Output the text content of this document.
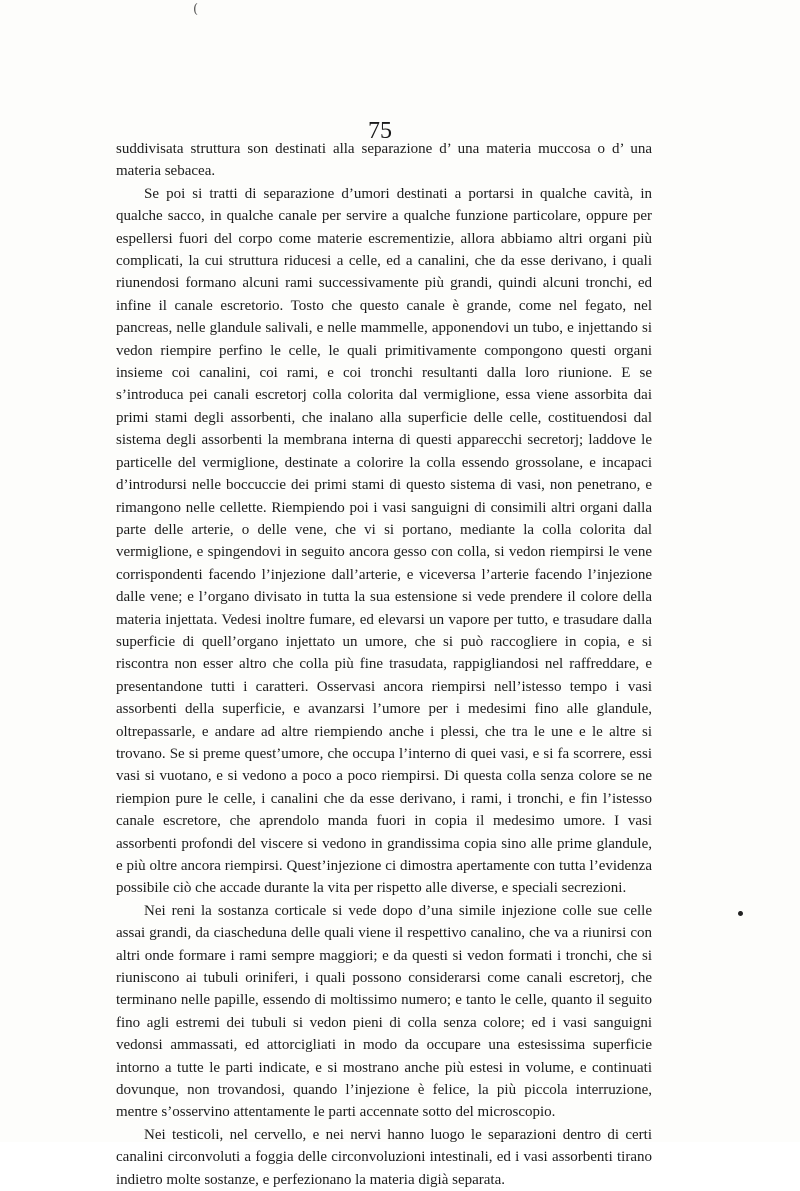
(
75

suddivisata struttura son destinati alla separazione d’ una materia muccosa o d’ una materia sebacea.

Se poi si tratti di separazione d’umori destinati a portarsi in qualche cavità, in qualche sacco, in qualche canale per servire a qualche funzione particolare, oppure per espellersi fuori del corpo come materie escrementizie, allora abbiamo altri organi più complicati, la cui struttura riducesi a celle, ed a canalini, che da esse derivano, i quali riunendosi formano alcuni rami successivamente più grandi, quindi alcuni tronchi, ed infine il canale escretorio. Tosto che questo canale è grande, come nel fegato, nel pancreas, nelle glandule salivali, e nelle mammelle, apponendovi un tubo, e injettando si vedon riempire perfino le celle, le quali primitivamente compongono questi organi insieme coi canalini, coi rami, e coi tronchi resultanti dalla loro riunione. E se s’introduca pei canali escretorj colla colorita dal vermiglione, essa viene assorbita dai primi stami degli assorbenti, che inalano alla superficie delle celle, costituendosi dal sistema degli assorbenti la membrana interna di questi apparecchi secretorj; laddove le particelle del vermiglione, destinate a colorire la colla essendo grossolane, e incapaci d’introdursi nelle boccuccie dei primi stami di questo sistema di vasi, non penetrano, e rimangono nelle cellette. Riempiendo poi i vasi sanguigni di consimili altri organi dalla parte delle arterie, o delle vene, che vi si portano, mediante la colla colorita dal vermiglione, e spingendovi in seguito ancora gesso con colla, si vedon riempirsi le vene corrispondenti facendo l’injezione dall’arterie, e viceversa l’arterie facendo l’injezione dalle vene; e l’organo divisato in tutta la sua estensione si vede prendere il colore della materia injettata. Vedesi inoltre fumare, ed elevarsi un vapore per tutto, e trasudare dalla superficie di quell’organo injettato un umore, che si può raccogliere in copia, e si riscontra non esser altro che colla più fine trasudata, rappigliandosi nel raffreddare, e presentandone tutti i caratteri. Osservasi ancora riempirsi nell’istesso tempo i vasi assorbenti della superficie, e avanzarsi l’umore per i medesimi fino alle glandule, oltrepassarle, e andare ad altre riempiendo anche i plessi, che tra le une e le altre si trovano. Se si preme quest’umore, che occupa l’interno di quei vasi, e si fa scorrere, essi vasi si vuotano, e si vedono a poco a poco riempirsi. Di questa colla senza colore se ne riempion pure le celle, i canalini che da esse derivano, i rami, i tronchi, e fin l’istesso canale escretore, che aprendolo manda fuori in copia il medesimo umore. I vasi assorbenti profondi del viscere si vedono in grandissima copia sino alle prime glandule, e più oltre ancora riempirsi. Quest’injezione ci dimostra apertamente con tutta l’evidenza possibile ciò che accade durante la vita per rispetto alle diverse, e speciali secrezioni.

Nei reni la sostanza corticale si vede dopo d’una simile injezione colle sue celle assai grandi, da ciascheduna delle quali viene il respettivo canalino, che va a riunirsi con altri onde formare i rami sempre maggiori; e da questi si vedon formati i tronchi, che si riuniscono ai tubuli oriniferi, i quali possono considerarsi come canali escretorj, che terminano nelle papille, essendo di moltissimo numero; e tanto le celle, quanto il seguito fino agli estremi dei tubuli si vedon pieni di colla senza colore; ed i vasi sanguigni vedonsi ammassati, ed attorcigliati in modo da occupare una estesissima superficie intorno a tutte le parti indicate, e si mostrano anche più estesi in volume, e continuati dovunque, non trovandosi, quando l’injezione è felice, la più piccola interruzione, mentre s’osservino attentamente le parti accennate sotto del microscopio.

Nei testicoli, nel cervello, e nei nervi hanno luogo le separazioni dentro di certi canalini circonvoluti a foggia delle circonvoluzioni intestinali, ed i vasi assorbenti tirano indietro molte sostanze, e perfezionano la materia digià separata.
